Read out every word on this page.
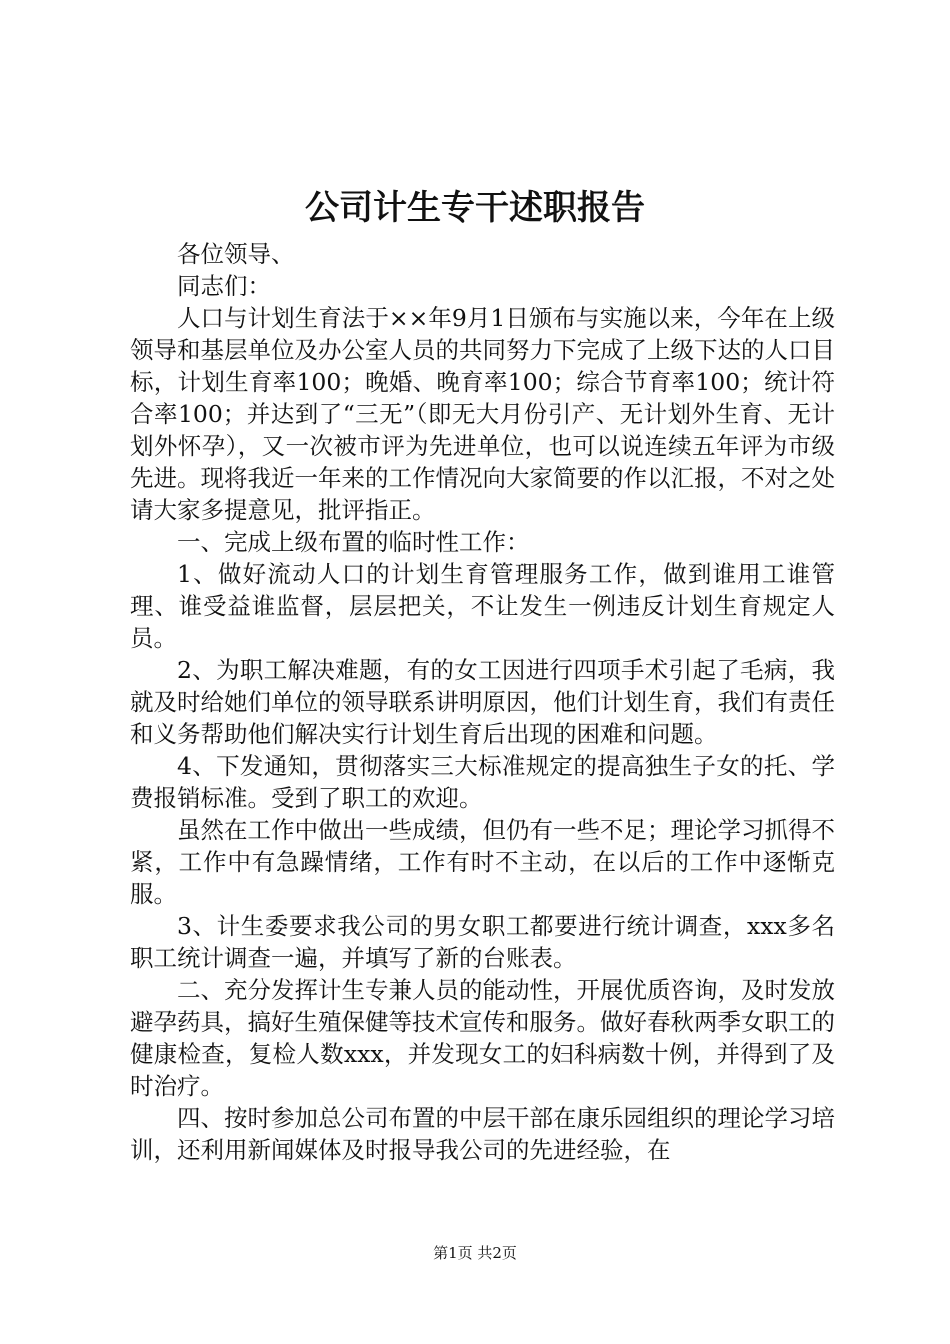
公司计生专干述职报告

各位领导、

同志们：

人口与计划生育法于××年9月1日颁布与实施以来，今年在上级领导和基层单位及办公室人员的共同努力下完成了上级下达的人口目标，计划生育率100；晚婚、晚育率100；综合节育率100；统计符合率100；并达到了“三无”（即无大月份引产、无计划外生育、无计划外怀孕），又一次被市评为先进单位，也可以说连续五年评为市级先进。现将我近一年来的工作情况向大家简要的作以汇报，不对之处请大家多提意见，批评指正。

一、完成上级布置的临时性工作：

1、做好流动人口的计划生育管理服务工作，做到谁用工谁管理、谁受益谁监督，层层把关，不让发生一例违反计划生育规定人员。

2、为职工解决难题，有的女工因进行四项手术引起了毛病，我就及时给她们单位的领导联系讲明原因，他们计划生育，我们有责任和义务帮助他们解决实行计划生育后出现的困难和问题。

4、下发通知，贯彻落实三大标准规定的提高独生子女的托、学费报销标准。受到了职工的欢迎。

虽然在工作中做出一些成绩，但仍有一些不足；理论学习抓得不紧，工作中有急躁情绪，工作有时不主动，在以后的工作中逐惭克服。

3、计生委要求我公司的男女职工都要进行统计调查，xxx多名职工统计调查一遍，并填写了新的台账表。

二、充分发挥计生专兼人员的能动性，开展优质咨询，及时发放避孕药具，搞好生殖保健等技术宣传和服务。做好春秋两季女职工的健康检查，复检人数xxx，并发现女工的妇科病数十例，并得到了及时治疗。

四、按时参加总公司布置的中层干部在康乐园组织的理论学习培训，还利用新闻媒体及时报导我公司的先进经验，在

第1页 共2页
